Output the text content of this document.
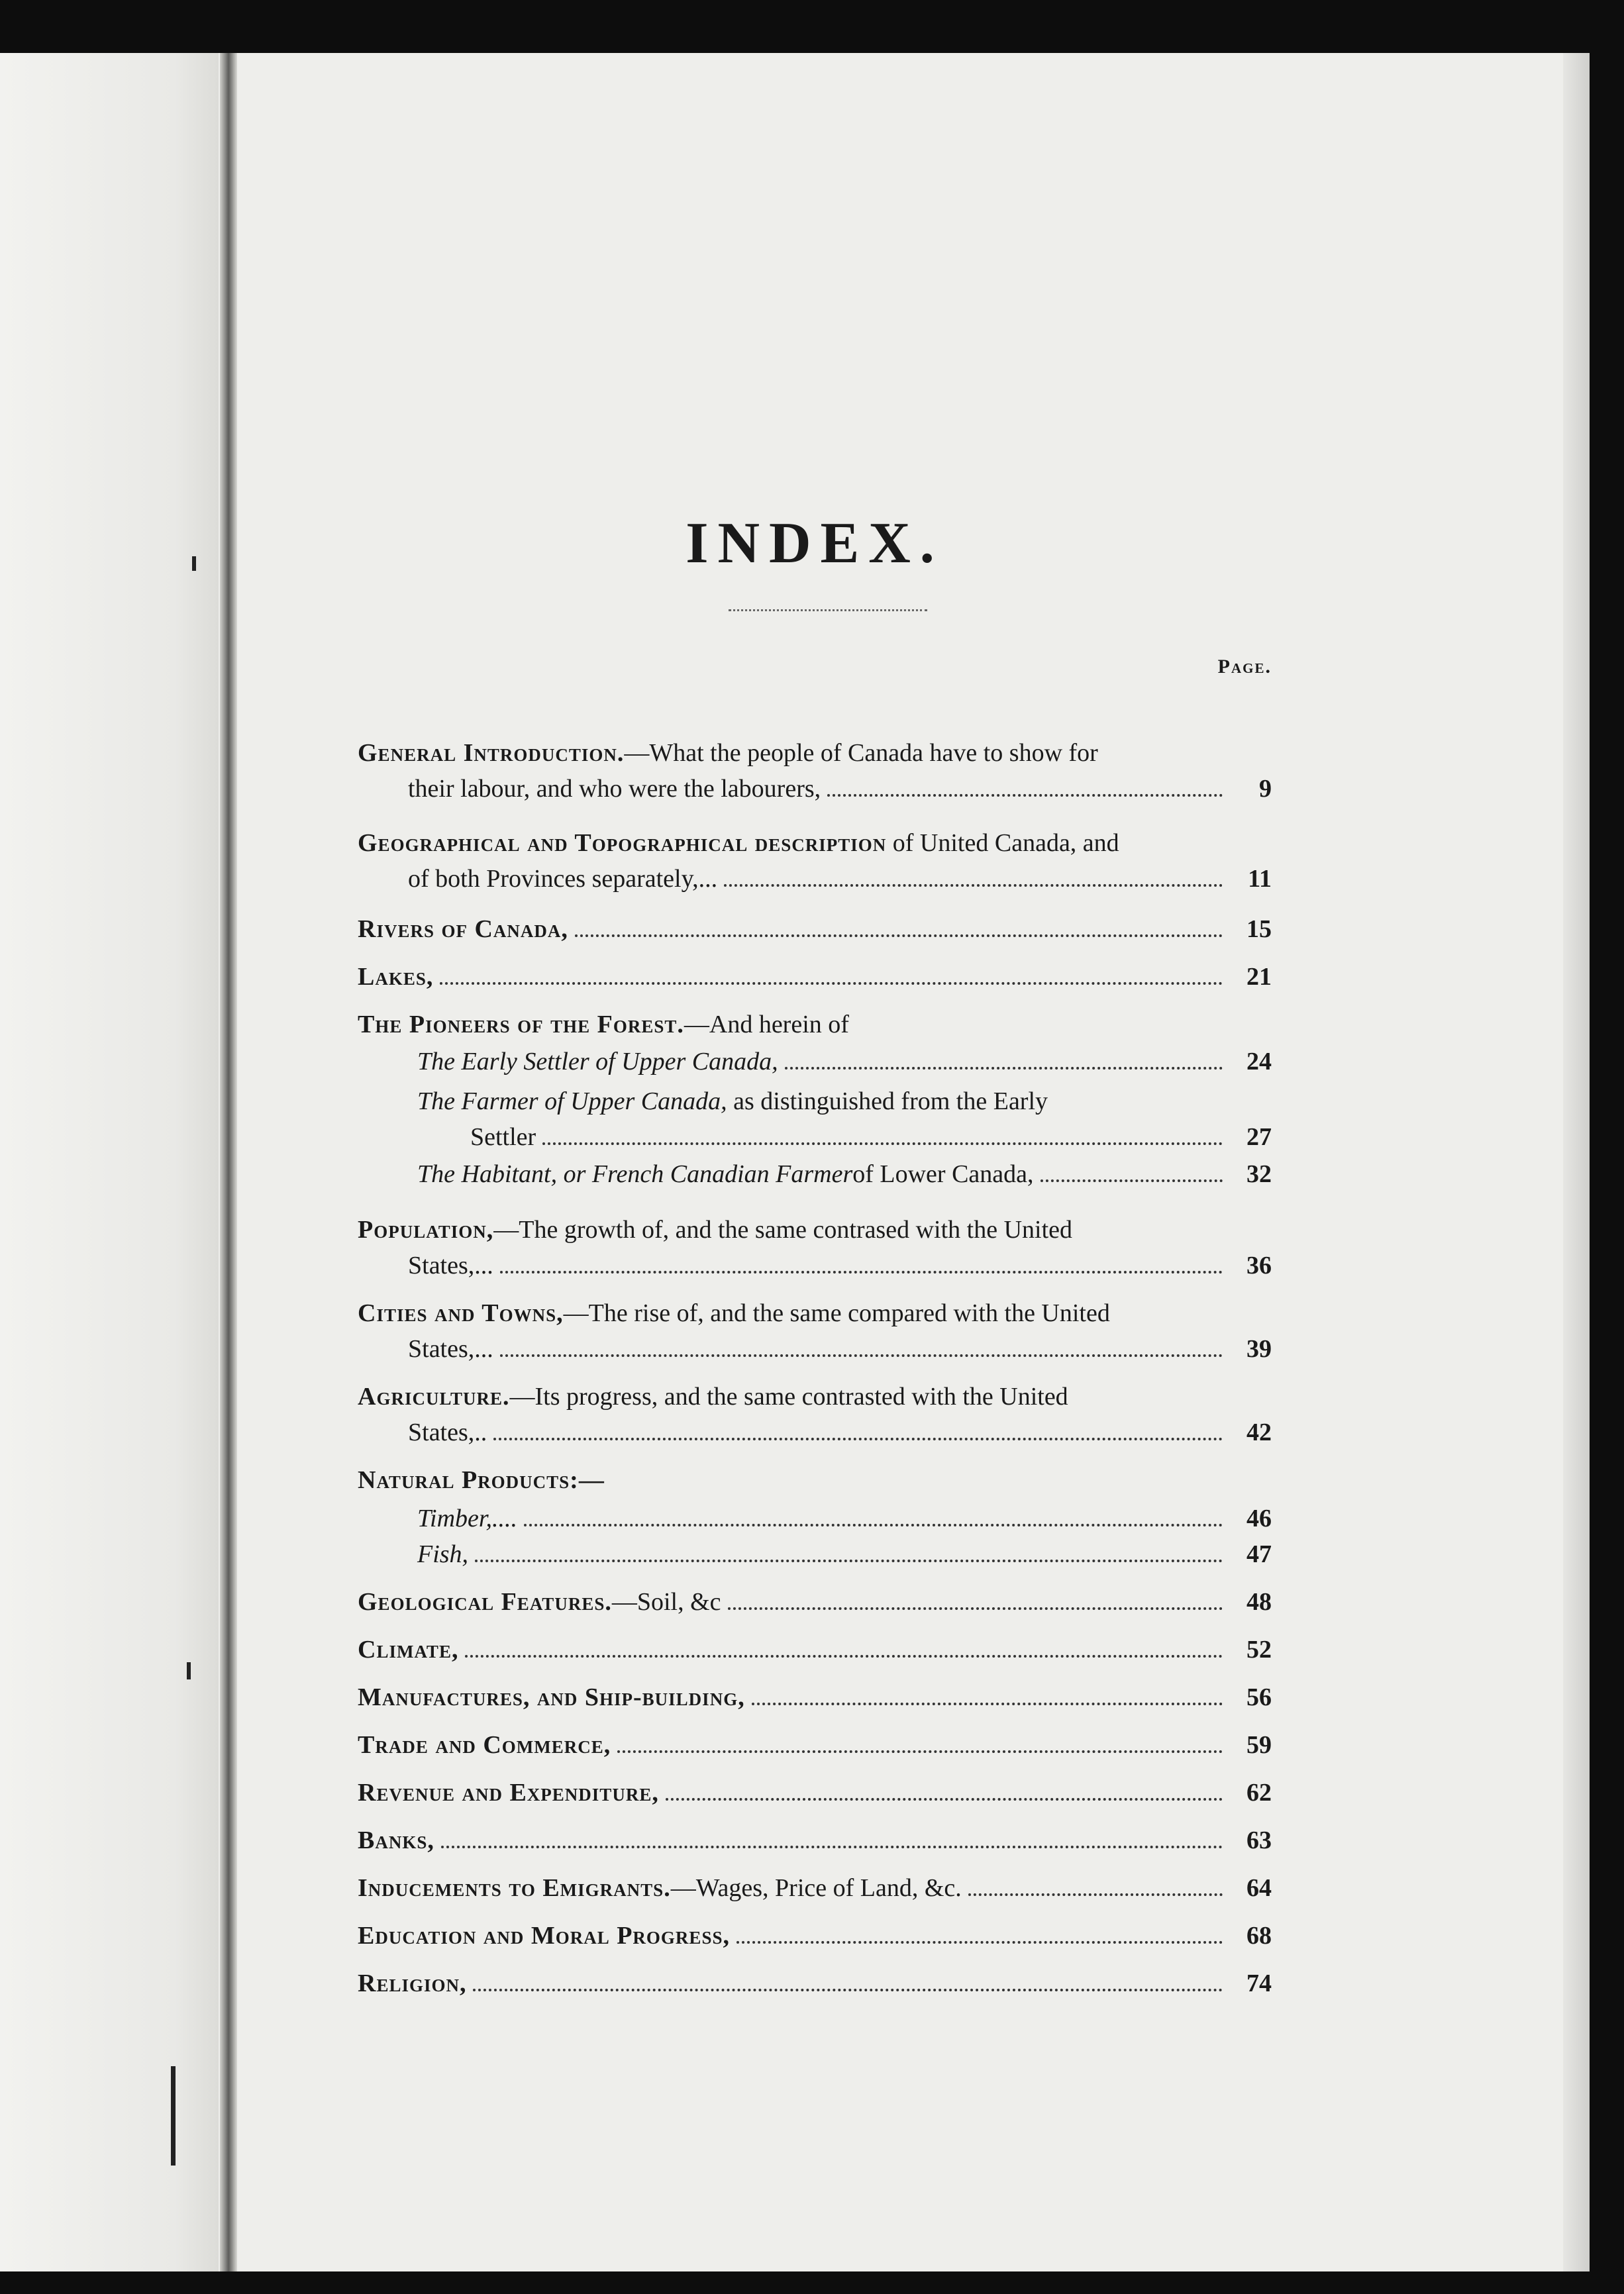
INDEX.
Page.
General Introduction.—What the people of Canada have to show for
their labour, and who were the labourers,	9
Geographical and Topographical description of United Canada, and
of both Provinces separately,...	11
Rivers of Canada,	15
Lakes,	21
The Pioneers of the Forest.—And herein of
The Early Settler of Upper Canada,	24
The Farmer of Upper Canada, as distinguished from the Early
Settler	27
The Habitant, or French Canadian Farmer of Lower Canada,	32
Population,—The growth of, and the same contrased with the United
States,...	36
Cities and Towns,—The rise of, and the same compared with the United
States,...	39
Agriculture.—Its progress, and the same contrasted with the United
States,..	42
Natural Products:—
Timber,....	46
Fish,	47
Geological Features. —Soil, &c	48
Climate,	52
Manufactures, and Ship-building,	56
Trade and Commerce,	59
Revenue and Expenditure,	62
Banks,	63
Inducements to Emigrants. —Wages, Price of Land, &c.	64
Education and Moral Progress,	68
Religion,	74
